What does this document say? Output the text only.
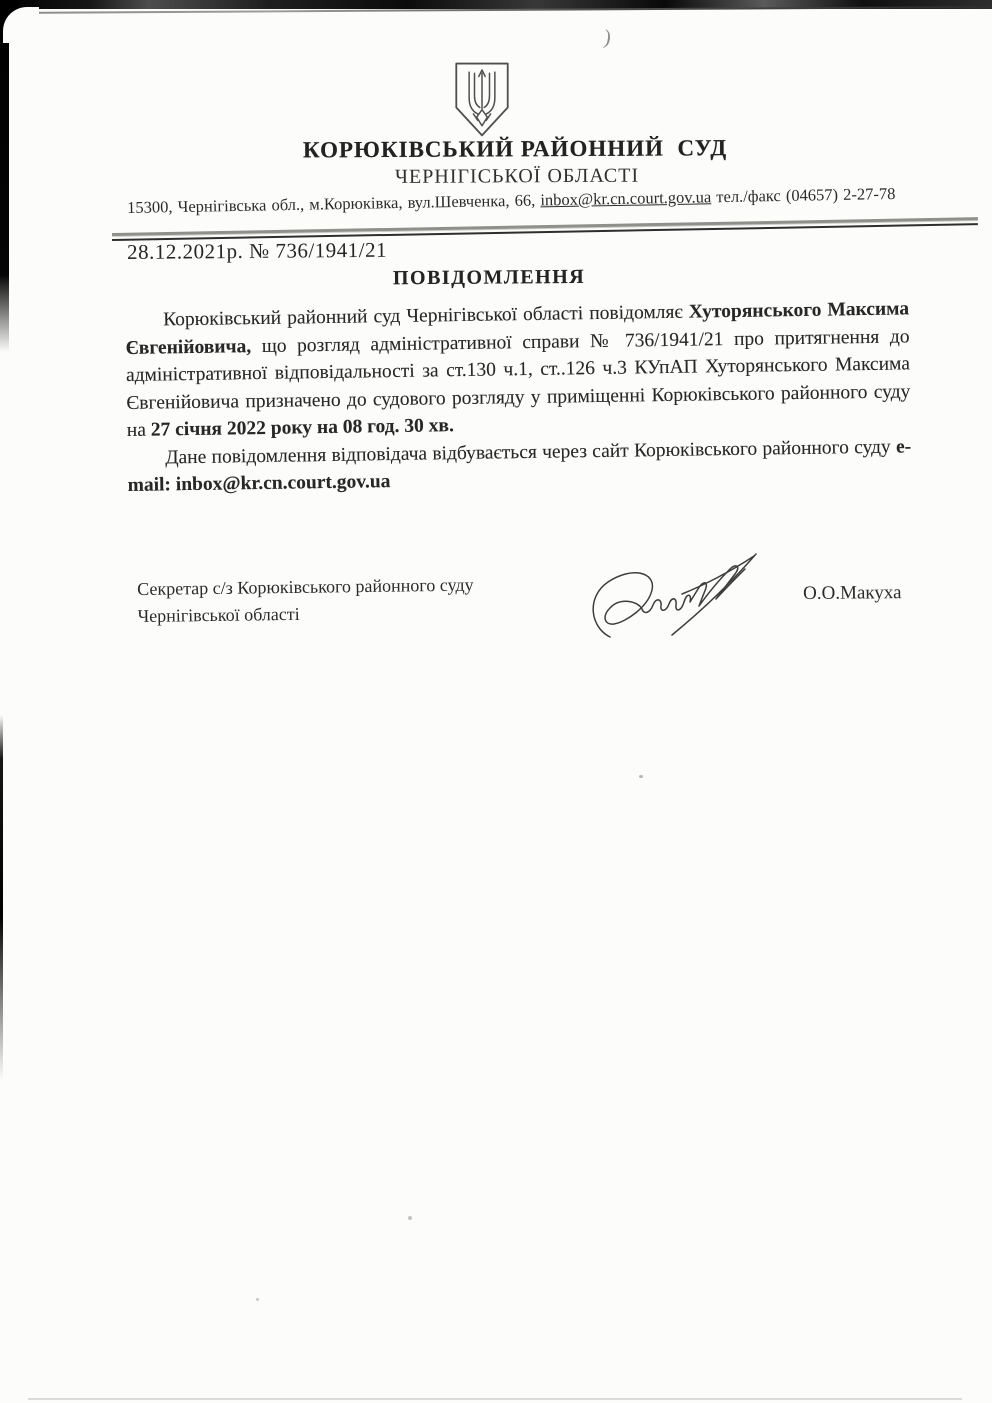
)
КОРЮКІВСЬКИЙ РАЙОННИЙ  СУД
ЧЕРНІГІСЬКОЇ ОБЛАСТІ
15300, Чернігівська обл., м.Корюківка, вул.Шевченка, 66, inbox@kr.cn.court.gov.ua тел./факс (04657) 2-27-78
28.12.2021р. № 736/1941/21
ПОВІДОМЛЕННЯ

Корюківський районний суд Чернігівської області повідомляє Хуторянського Максима Євгенійовича, що розгляд адміністративної справи № 736/1941/21 про притягнення до адміністративної відповідальності за ст.130 ч.1, ст..126 ч.3 КУпАП Хуторянського Максима Євгенійовича призначено до судового розгляду у приміщенні Корюківського районного суду на 27 січня 2022 року на 08 год. 30 хв.

Дане повідомлення відповідача відбувається через сайт Корюківського районного суду e-mail: inbox@kr.cn.court.gov.ua

Секретар с/з Корюківського районного суду
Чернігівської області
О.О.Макуха
